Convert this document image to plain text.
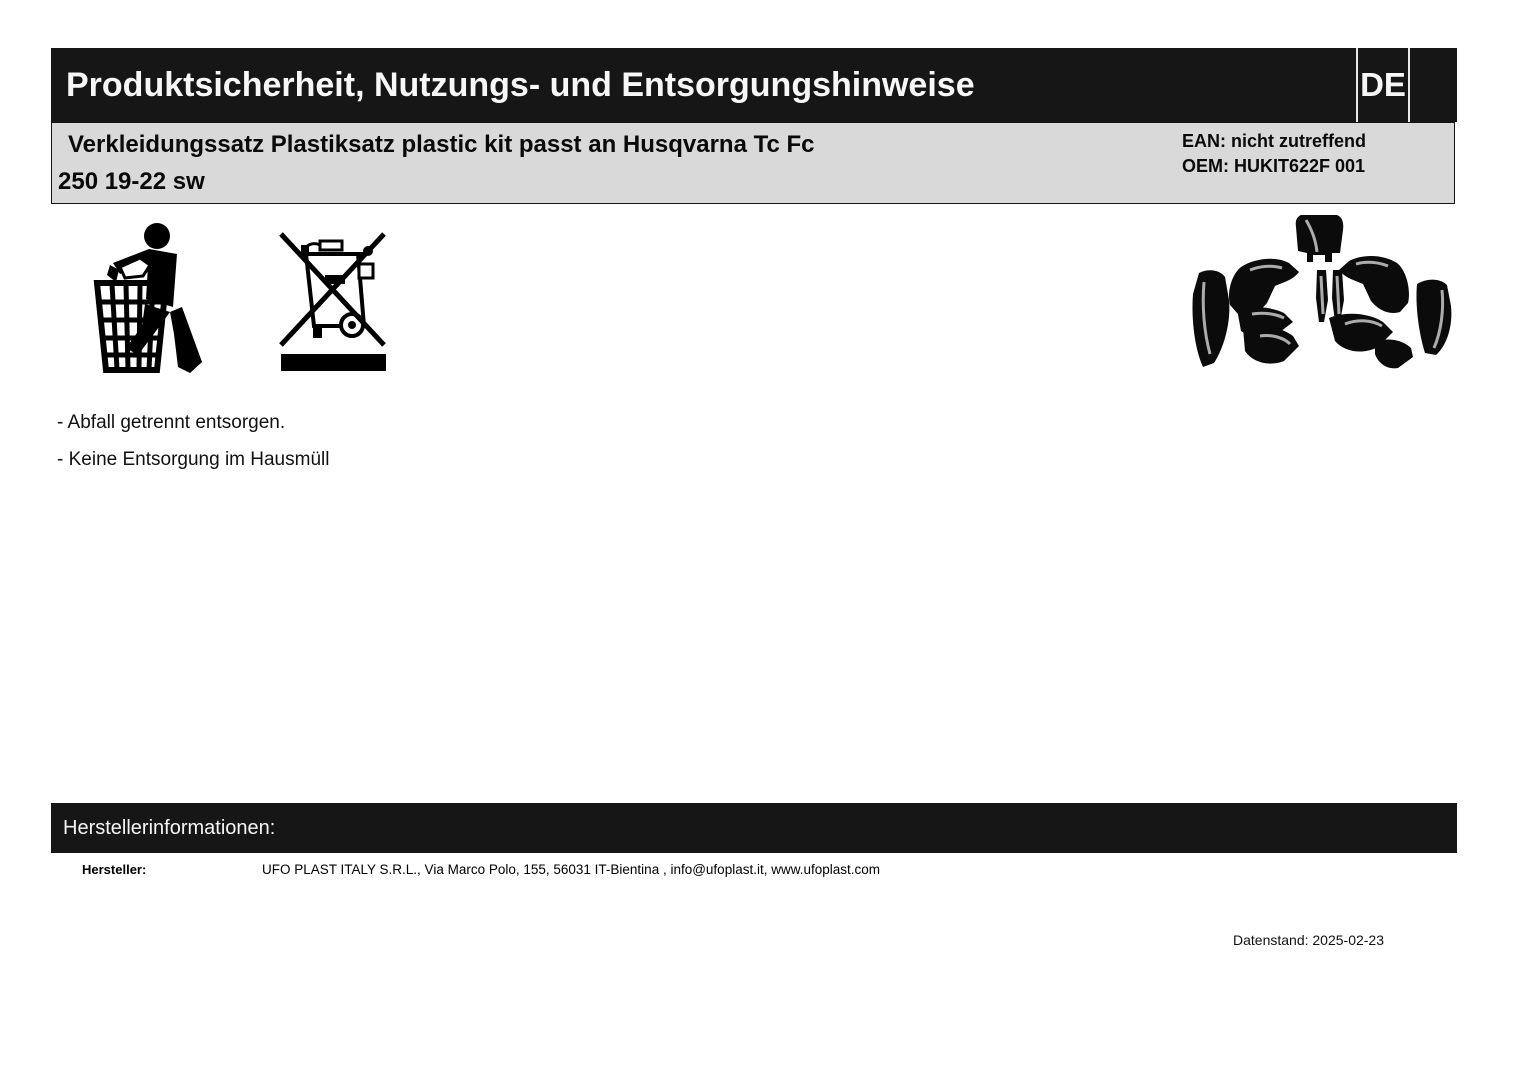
Produktsicherheit, Nutzungs- und Entsorgungshinweise	DE
Verkleidungssatz Plastiksatz plastic kit passt an Husqvarna Tc Fc
250 19-22 sw
EAN: nicht zutreffend
OEM: HUKIT622F 001

- Abfall getrennt entsorgen.

- Keine Entsorgung im Hausmüll

Herstellerinformationen:
Hersteller:	UFO PLAST ITALY S.R.L., Via Marco Polo, 155, 56031 IT-Bientina , info@ufoplast.it, www.ufoplast.com
Datenstand: 2025-02-23
